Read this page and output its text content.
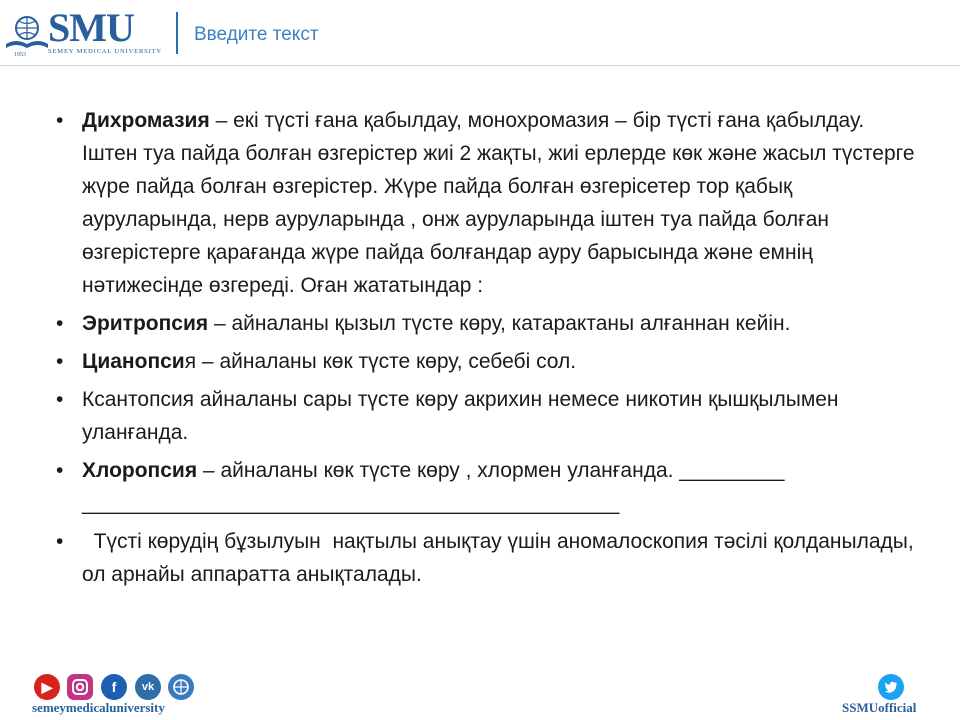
SMU
1953	SEMEY MEDICAL UNIVERSITY
Введите текст
• Дихромазия – екі түсті ғана қабылдау, монохромазия – бір түсті ғана қабылдау. Іштен туа пайда болған өзгерістер жиі 2 жақты, жиі ерлерде көк және жасыл түстерге жүре пайда болған өзгерістер. Жүре пайда болған өзгерісетер тор қабық ауруларында, нерв ауруларында , онж ауруларында іштен туа пайда болған өзгерістерге қарағанда жүре пайда болғандар ауру барысында және емнің нәтижесінде өзгереді. Оған жататындар :
• Эритропсия – айналаны қызыл түсте көру, катарактаны алғаннан кейін.
• Цианопсия – айналаны көк түсте көру, себебі сол.
• Ксантопсия айналаны сары түсте көру акрихин немесе никотин қышқылымен уланғанда.
• Хлоропсия – айналаны көк түсте көру , хлормен уланғанда. _________ ______________________________________________
• Түсті көрудің бұзылуын  нақтылы анықтау үшін аномалоскопия тәсілі қолданылады, ол арнайы аппаратта анықталады.
▶	f	vk
semeymedicaluniversity	SSMUofficial
